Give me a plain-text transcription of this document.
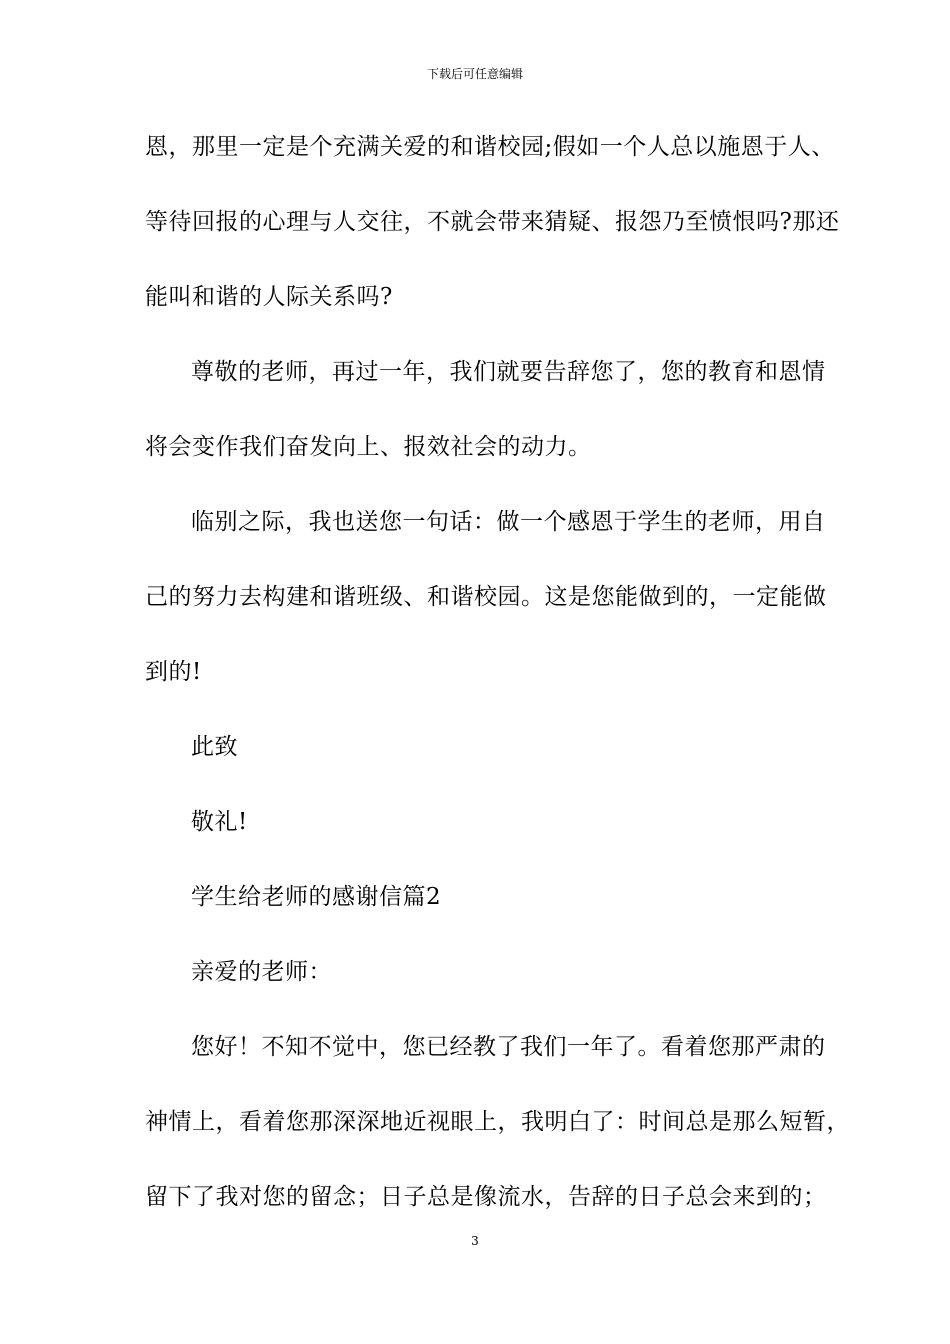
下载后可任意编辑
恩，那里一定是个充满关爱的和谐校园;假如一个人总以施恩于人、
等待回报的心理与人交往，不就会带来猜疑、报怨乃至愤恨吗?那还
能叫和谐的人际关系吗?
尊敬的老师，再过一年，我们就要告辞您了，您的教育和恩情
将会变作我们奋发向上、报效社会的动力。
临别之际，我也送您一句话：做一个感恩于学生的老师，用自
己的努力去构建和谐班级、和谐校园。这是您能做到的，一定能做
到的!
此致
敬礼!
学生给老师的感谢信篇2
亲爱的老师：
您好！不知不觉中，您已经教了我们一年了。看着您那严肃的
神情上，看着您那深深地近视眼上，我明白了：时间总是那么短暂，
留下了我对您的留念；日子总是像流水，告辞的日子总会来到的；
3
